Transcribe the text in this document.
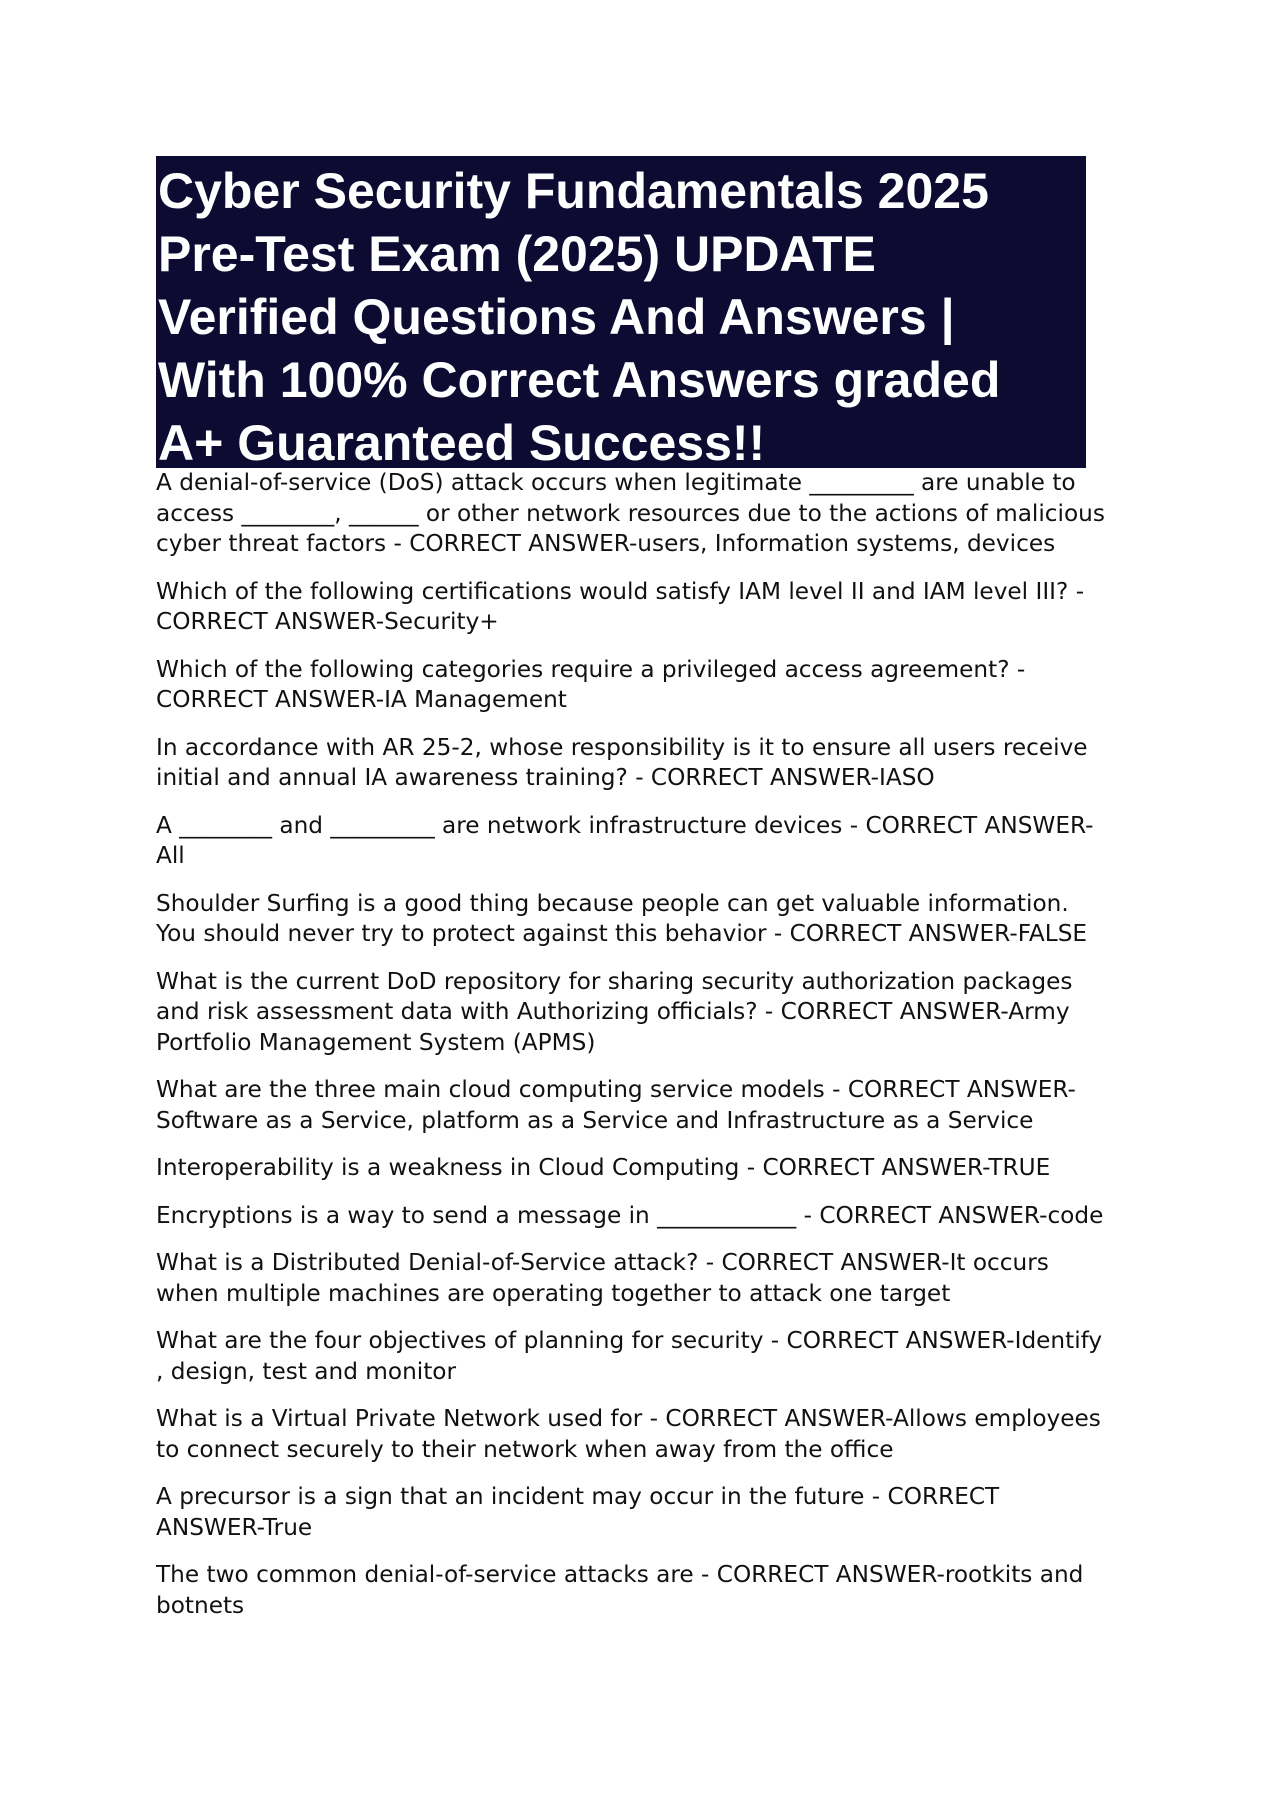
Cyber Security Fundamentals 2025
Pre-Test Exam (2025) UPDATE
Verified Questions And Answers |
With 100% Correct Answers graded
A+ Guaranteed Success!!

A denial-of-service (DoS) attack occurs when legitimate _________ are unable to
access ________, ______ or other network resources due to the actions of malicious
cyber threat factors - CORRECT ANSWER-users, Information systems, devices

Which of the following certifications would satisfy IAM level II and IAM level III? -
CORRECT ANSWER-Security+

Which of the following categories require a privileged access agreement? -
CORRECT ANSWER-IA Management

In accordance with AR 25-2, whose responsibility is it to ensure all users receive
initial and annual IA awareness training? - CORRECT ANSWER-IASO

A ________ and _________ are network infrastructure devices - CORRECT ANSWER-
All

Shoulder Surfing is a good thing because people can get valuable information.
You should never try to protect against this behavior - CORRECT ANSWER-FALSE

What is the current DoD repository for sharing security authorization packages
and risk assessment data with Authorizing officials? - CORRECT ANSWER-Army
Portfolio Management System (APMS)

What are the three main cloud computing service models - CORRECT ANSWER-
Software as a Service, platform as a Service and Infrastructure as a Service

Interoperability is a weakness in Cloud Computing - CORRECT ANSWER-TRUE

Encryptions is a way to send a message in ____________ - CORRECT ANSWER-code

What is a Distributed Denial-of-Service attack? - CORRECT ANSWER-It occurs
when multiple machines are operating together to attack one target

What are the four objectives of planning for security - CORRECT ANSWER-Identify
, design, test and monitor

What is a Virtual Private Network used for - CORRECT ANSWER-Allows employees
to connect securely to their network when away from the office

A precursor is a sign that an incident may occur in the future - CORRECT
ANSWER-True

The two common denial-of-service attacks are - CORRECT ANSWER-rootkits and
botnets
